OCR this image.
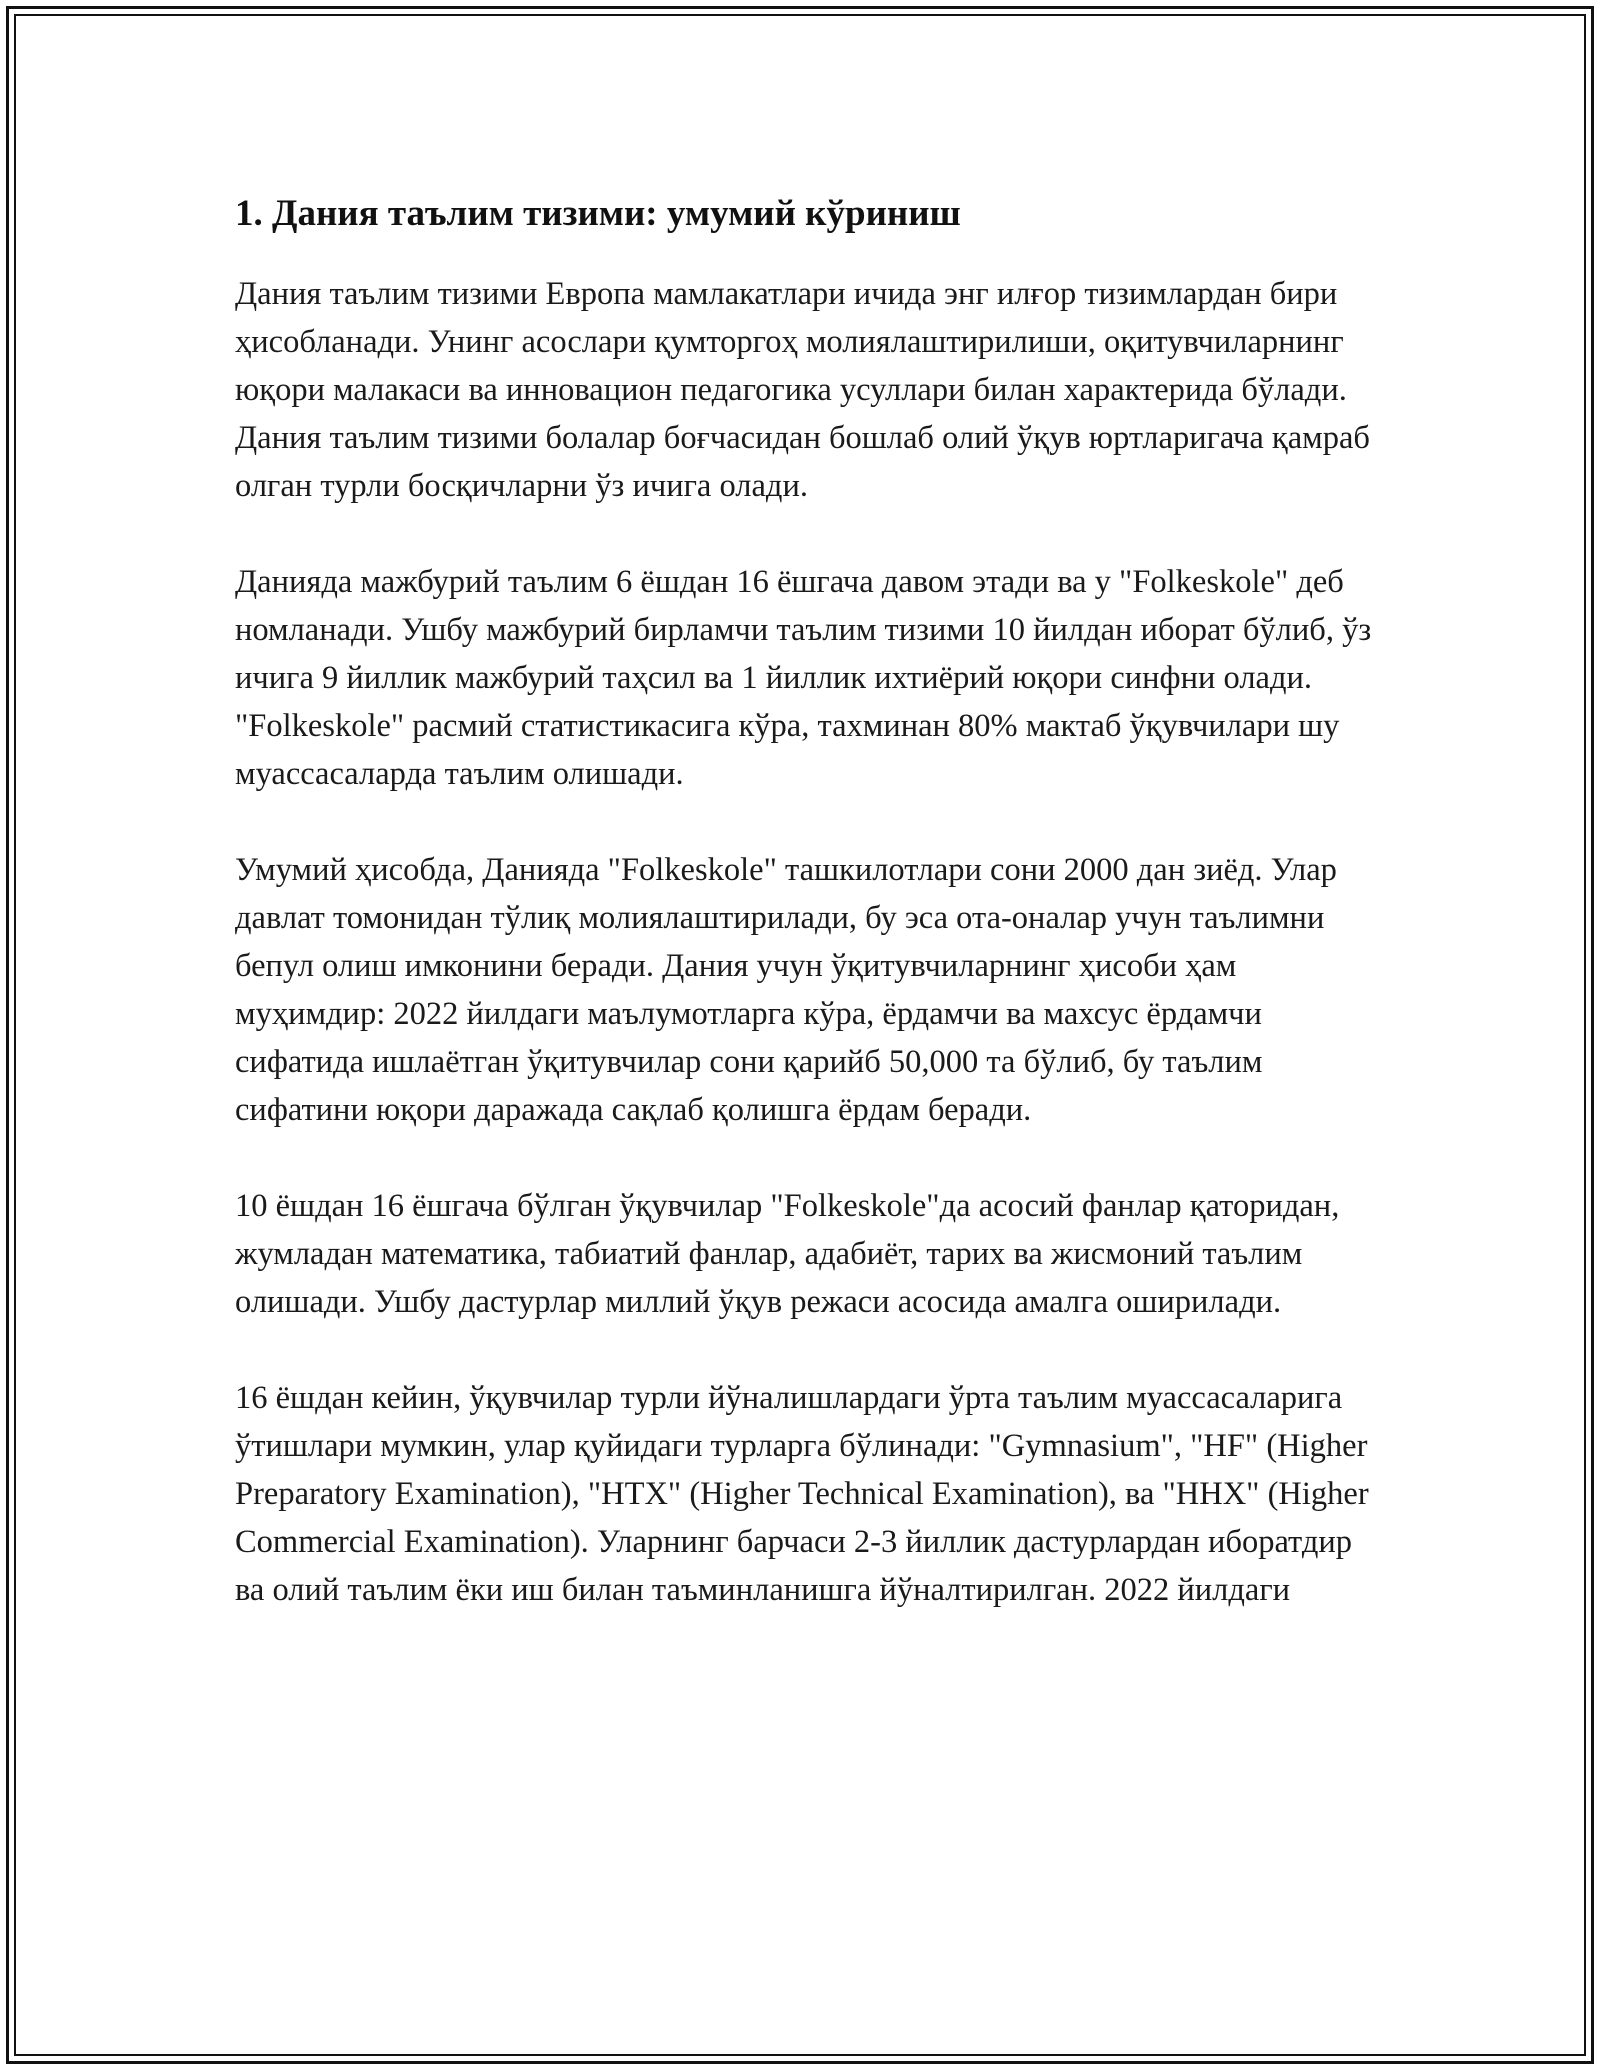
1. Дания таълим тизими: умумий кўриниш

Дания таълим тизими Европа мамлакатлари ичида энг илғор тизимлардан бири ҳисобланади. Унинг асослари қумторгоҳ молиялаштирилиши, оқитувчиларнинг юқори малакаси ва инновацион педагогика усуллари билан характерида бўлади. Дания таълим тизими болалар боғчасидан бошлаб олий ўқув юртларигача қамраб олган турли босқичларни ўз ичига олади.

Данияда мажбурий таълим 6 ёшдан 16 ёшгача давом этади ва у "Folkeskole" деб номланади. Ушбу мажбурий бирламчи таълим тизими 10 йилдан иборат бўлиб, ўз ичига 9 йиллик мажбурий таҳсил ва 1 йиллик ихтиёрий юқори синфни олади. "Folkeskole" расмий статистикасига кўра, тахминан 80% мактаб ўқувчилари шу муассасаларда таълим олишади.

Умумий ҳисобда, Данияда "Folkeskole" ташкилотлари сони 2000 дан зиёд. Улар давлат томонидан тўлиқ молиялаштирилади, бу эса ота-оналар учун таълимни бепул олиш имконини беради. Дания учун ўқитувчиларнинг ҳисоби ҳам муҳимдир: 2022 йилдаги маълумотларга кўра, ёрдамчи ва махсус ёрдамчи сифатида ишлаётган ўқитувчилар сони қарийб 50,000 та бўлиб, бу таълим сифатини юқори даражада сақлаб қолишга ёрдам беради.

10 ёшдан 16 ёшгача бўлган ўқувчилар "Folkeskole"да асосий фанлар қаторидан, жумладан математика, табиатий фанлар, адабиёт, тарих ва жисмоний таълим олишади. Ушбу дастурлар миллий ўқув режаси асосида амалга оширилади.

16 ёшдан кейин, ўқувчилар турли йўналишлардаги ўрта таълим муассасаларига ўтишлари мумкин, улар қуйидаги турларга бўлинади: "Gymnasium", "HF" (Higher Preparatory Examination), "HTX" (Higher Technical Examination), ва "HHX" (Higher Commercial Examination). Уларнинг барчаси 2-3 йиллик дастурлардан иборатдир ва олий таълим ёки иш билан таъминланишга йўналтирилган. 2022 йилдаги
